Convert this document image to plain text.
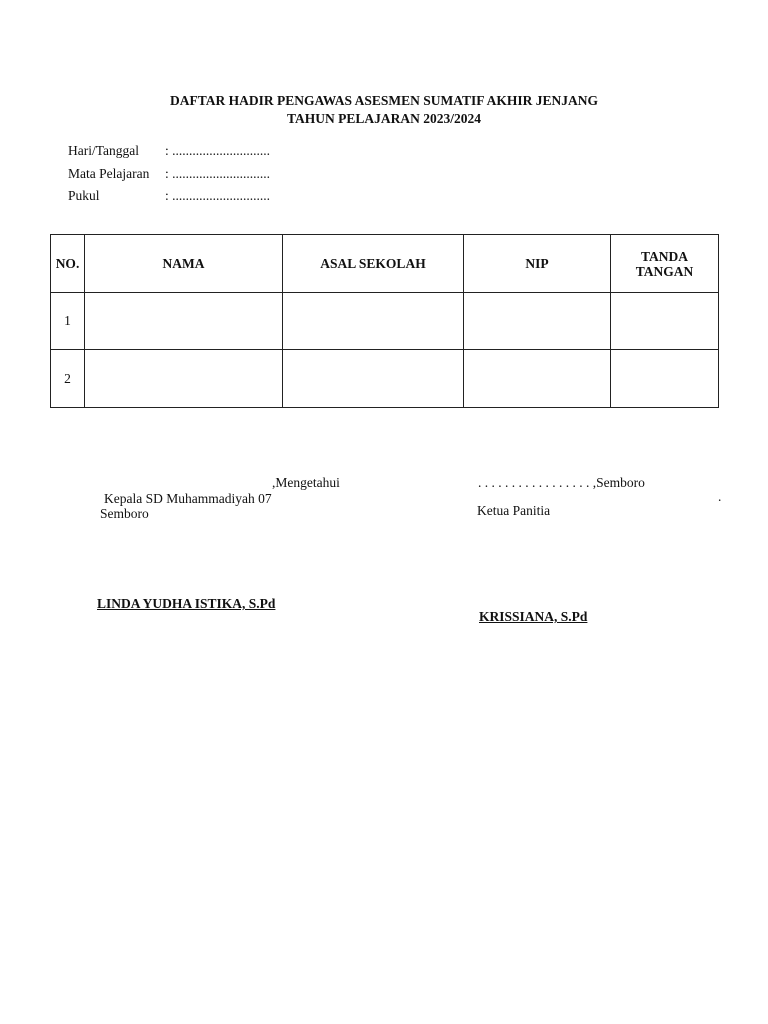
DAFTAR HADIR PENGAWAS ASESMEN SUMATIF AKHIR JENJANG
TAHUN PELAJARAN 2023/2024
Hari/Tanggal : .............................
Mata Pelajaran : .............................
Pukul	: .............................
NO.	NAMA	ASAL SEKOLAH	NIP	TANDA TANGAN
1				
2				
,Mengetahui
Kepala SD Muhammadiyah 07
Semboro
LINDA YUDHA ISTIKA, S.Pd
. . . . . . . . . . . . . . . . . ,Semboro
.
Ketua Panitia
KRISSIANA, S.Pd
